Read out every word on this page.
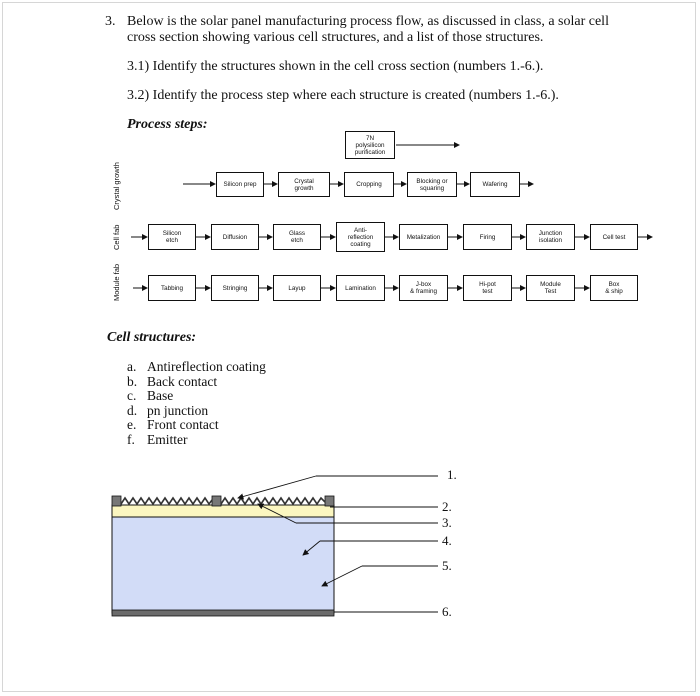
3. Below is the solar panel manufacturing process flow, as discussed in class, a solar cell
cross section showing various cell structures, and a list of those structures.
3.1) Identify the structures shown in the cell cross section (numbers 1.-6.).
3.2) Identify the process step where each structure is created (numbers 1.-6.).
Process steps:
Crystal growth
Cell fab
Module fab
7N
polysilicon
purification
Silicon prep	Crystal
growth	Cropping	Blocking or
squaring	Wafering
Silicon
etch	Diffusion	Glass
etch
Anti-
reflection
coating
Metalization	Firing	Junction
isolation	Cell test
Tabbing	Stringing	Layup	Lamination	J-box
& framing
Hi-pot
test
Module
Test
Box
& ship
Cell structures:
a. Antireflection coating
b. Back contact
c. Base
d. pn junction
e. Front contact
f. Emitter
1.
2.
3.
4.
5.
6.
